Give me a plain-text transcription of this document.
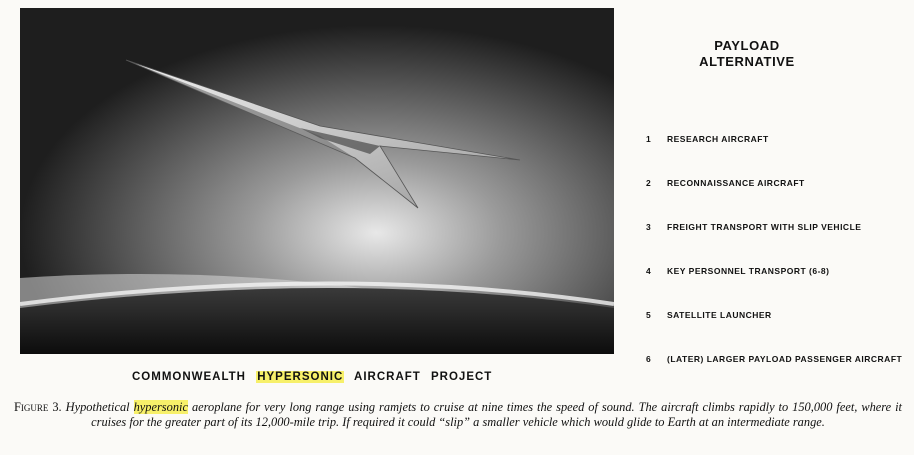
PAYLOAD
ALTERNATIVE
1	RESEARCH AIRCRAFT
2	RECONNAISSANCE AIRCRAFT
3	FREIGHT TRANSPORT WITH SLIP VEHICLE
4	KEY PERSONNEL TRANSPORT (6-8)
5	SATELLITE LAUNCHER
6	(LATER) LARGER PAYLOAD PASSENGER AIRCRAFT
COMMONWEALTH HYPERSONIC AIRCRAFT PROJECT
Figure 3. Hypothetical hypersonic aeroplane for very long range using ramjets to cruise at nine times the speed of sound. The aircraft climbs rapidly to 150,000 feet, where it cruises for the greater part of its 12,000-mile trip. If required it could “slip” a smaller vehicle which would glide to Earth at an intermediate range.
